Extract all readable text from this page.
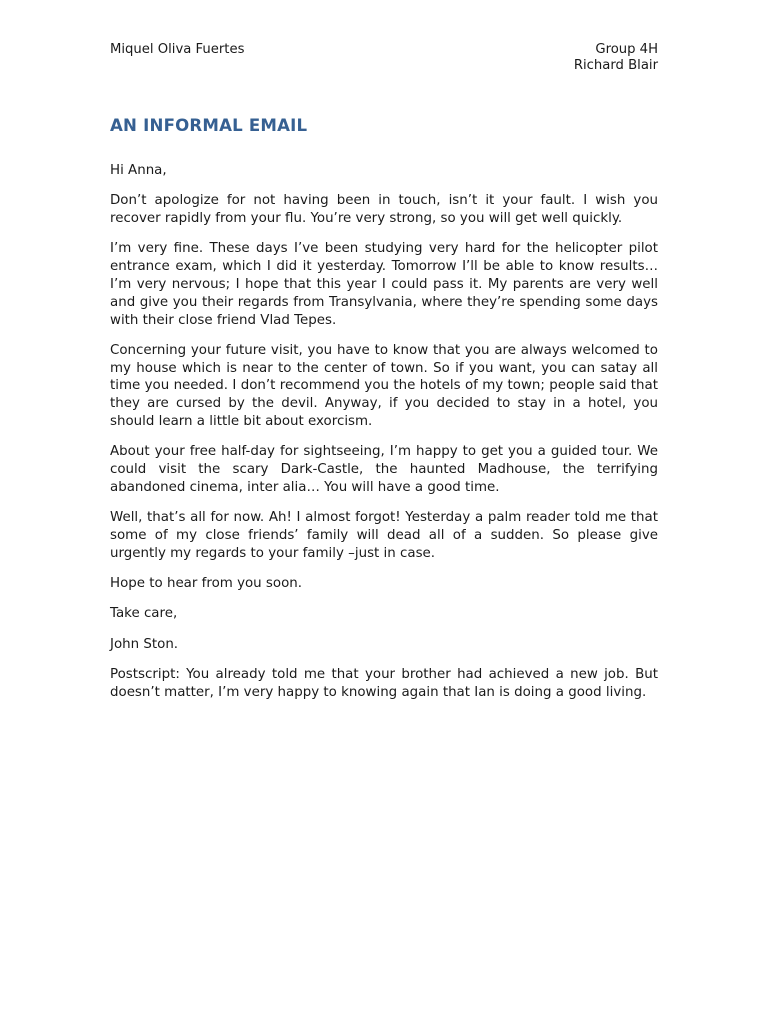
Miquel Oliva Fuertes	Group 4H
Richard Blair
AN INFORMAL EMAIL

Hi Anna,

Don’t apologize for not having been in touch, isn’t it your fault. I wish you recover rapidly from your flu. You’re very strong, so you will get well quickly.

I’m very fine. These days I’ve been studying very hard for the helicopter pilot entrance exam, which I did it yesterday. Tomorrow I’ll be able to know results… I’m very nervous; I hope that this year I could pass it. My parents are very well and give you their regards from Transylvania, where they’re spending some days with their close friend Vlad Tepes.

Concerning your future visit, you have to know that you are always welcomed to my house which is near to the center of town. So if you want, you can satay all time you needed. I don’t recommend you the hotels of my town; people said that they are cursed by the devil. Anyway, if you decided to stay in a hotel, you should learn a little bit about exorcism.

About your free half-day for sightseeing, I’m happy to get you a guided tour. We could visit the scary Dark-Castle, the haunted Madhouse, the terrifying abandoned cinema, inter alia… You will have a good time.

Well, that’s all for now. Ah! I almost forgot! Yesterday a palm reader told me that some of my close friends’ family will dead all of a sudden. So please give urgently my regards to your family –just in case.

Hope to hear from you soon.

Take care,

John Ston.

Postscript: You already told me that your brother had achieved a new job. But doesn’t matter, I’m very happy to knowing again that Ian is doing a good living.
